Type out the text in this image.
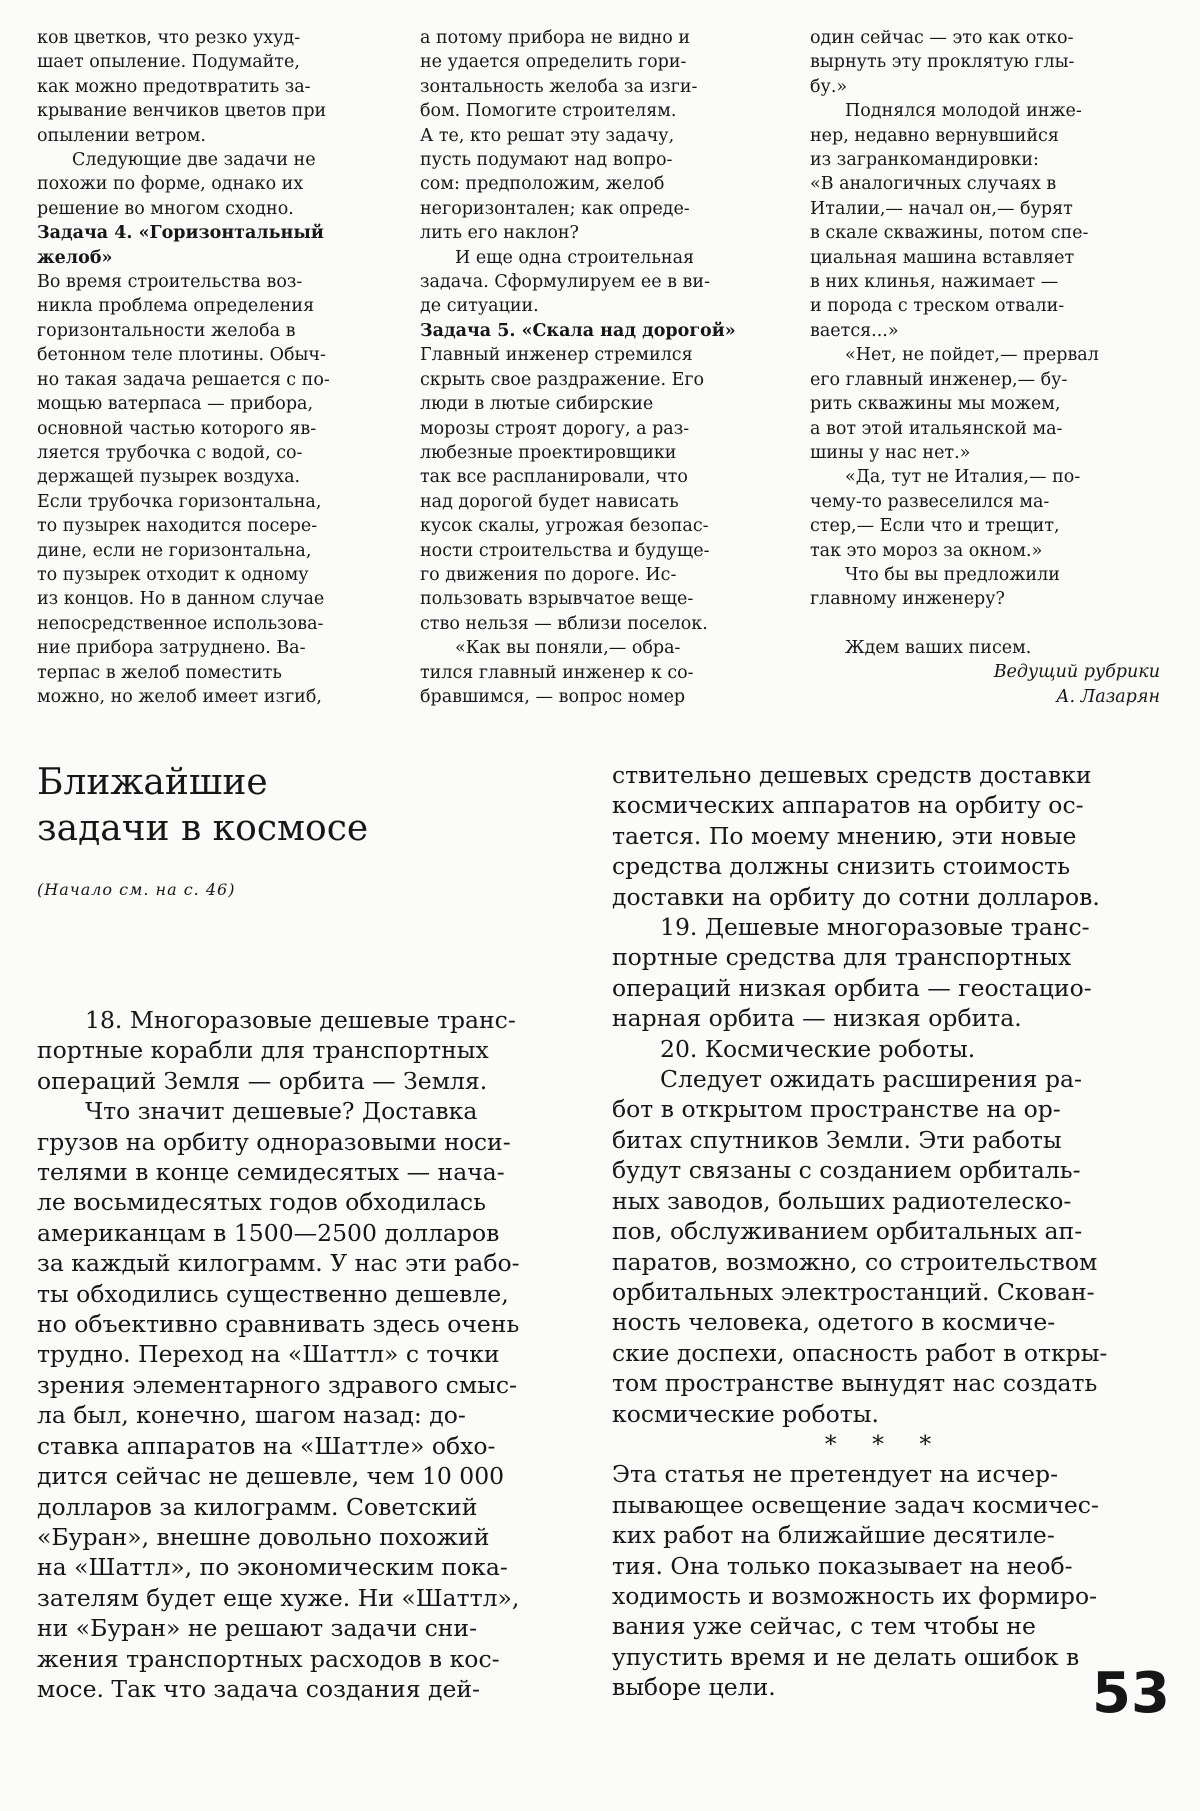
ков цветков, что резко ухуд-
шает опыление. Подумайте,
как можно предотвратить за-
крывание венчиков цветов при
опылении ветром.
Следующие две задачи не
похожи по форме, однако их
решение во многом сходно.
Задача 4. «Горизонтальный
желоб»
Во время строительства воз-
никла проблема определения
горизонтальности желоба в
бетонном теле плотины. Обыч-
но такая задача решается с по-
мощью ватерпаса — прибора,
основной частью которого яв-
ляется трубочка с водой, со-
держащей пузырек воздуха.
Если трубочка горизонтальна,
то пузырек находится посере-
дине, если не горизонтальна,
то пузырек отходит к одному
из концов. Но в данном случае
непосредственное использова-
ние прибора затруднено. Ва-
терпас в желоб поместить
можно, но желоб имеет изгиб,
а потому прибора не видно и
не удается определить гори-
зонтальность желоба за изги-
бом. Помогите строителям.
А те, кто решат эту задачу,
пусть подумают над вопро-
сом: предположим, желоб
негоризонтален; как опреде-
лить его наклон?
И еще одна строительная
задача. Сформулируем ее в ви-
де ситуации.
Задача 5. «Скала над дорогой»
Главный инженер стремился
скрыть свое раздражение. Его
люди в лютые сибирские
морозы строят дорогу, а раз-
любезные проектировщики
так все распланировали, что
над дорогой будет нависать
кусок скалы, угрожая безопас-
ности строительства и будуще-
го движения по дороге. Ис-
пользовать взрывчатое веще-
ство нельзя — вблизи поселок.
«Как вы поняли,— обра-
тился главный инженер к со-
бравшимся, — вопрос номер
один сейчас — это как отко-
вырнуть эту проклятую глы-
бу.»
Поднялся молодой инже-
нер, недавно вернувшийся
из загранкомандировки:
«В аналогичных случаях в
Италии,— начал он,— бурят
в скале скважины, потом спе-
циальная машина вставляет
в них клинья, нажимает —
и порода с треском отвали-
вается...»
«Нет, не пойдет,— прервал
его главный инженер,— бу-
рить скважины мы можем,
а вот этой итальянской ма-
шины у нас нет.»
«Да, тут не Италия,— по-
чему-то развеселился ма-
стер,— Если что и трещит,
так это мороз за окном.»
Что бы вы предложили
главному инженеру?
Ждем ваших писем.
Ведущий рубрики
А. Лазарян
Ближайшие
задачи в космосе
(Начало см. на с. 46)
18. Многоразовые дешевые транс-
портные корабли для транспортных
операций Земля — орбита — Земля.
Что значит дешевые? Доставка
грузов на орбиту одноразовыми носи-
телями в конце семидесятых — нача-
ле восьмидесятых годов обходилась
американцам в 1500—2500 долларов
за каждый килограмм. У нас эти рабо-
ты обходились существенно дешевле,
но объективно сравнивать здесь очень
трудно. Переход на «Шаттл» с точки
зрения элементарного здравого смыс-
ла был, конечно, шагом назад: до-
ставка аппаратов на «Шаттле» обхо-
дится сейчас не дешевле, чем 10 000
долларов за килограмм. Советский
«Буран», внешне довольно похожий
на «Шаттл», по экономическим пока-
зателям будет еще хуже. Ни «Шаттл»,
ни «Буран» не решают задачи сни-
жения транспортных расходов в кос-
мосе. Так что задача создания дей-
ствительно дешевых средств доставки
космических аппаратов на орбиту ос-
тается. По моему мнению, эти новые
средства должны снизить стоимость
доставки на орбиту до сотни долларов.
19. Дешевые многоразовые транс-
портные средства для транспортных
операций низкая орбита — геостацио-
нарная орбита — низкая орбита.
20. Космические роботы.
Следует ожидать расширения ра-
бот в открытом пространстве на ор-
битах спутников Земли. Эти работы
будут связаны с созданием орбиталь-
ных заводов, больших радиотелеско-
пов, обслуживанием орбитальных ап-
паратов, возможно, со строительством
орбитальных электростанций. Скован-
ность человека, одетого в космиче-
ские доспехи, опасность работ в откры-
том пространстве вынудят нас создать
космические роботы.
* * *
Эта статья не претендует на исчер-
пывающее освещение задач космичес-
ких работ на ближайшие десятиле-
тия. Она только показывает на необ-
ходимость и возможность их формиро-
вания уже сейчас, с тем чтобы не
упустить время и не делать ошибок в
выборе цели.	53
